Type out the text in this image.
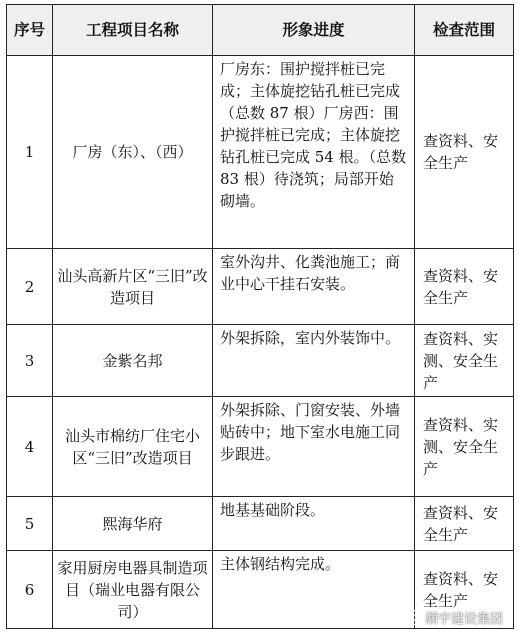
序号	工程项目名称	形象进度	检查范围
1	厂房（东）、（西）	厂房东：围护搅拌桩已完成；主体旋挖钻孔桩已完成（总数 87 根）厂房西：围护搅拌桩已完成；主体旋挖钻孔桩已完成 54 根。（总数 83 根）待浇筑；局部开始砌墙。	查资料、安全生产

2	汕头高新片区“三旧”改造项目	室外沟井、化粪池施工；商业中心干挂石安装。	查资料、安全生产

3	金紫名邦	外架拆除，室内外装饰中。	查资料、实测、安全生产

4	汕头市棉纺厂住宅小区“三旧”改造项目	外架拆除、门窗安装、外墙贴砖中；地下室水电施工同步跟进。	查资料、实测、安全生产

5	熙海华府	地基基础阶段。	查资料、安全生产

6	家用厨房电器具制造项目（瑞业电器有限公司）	主体钢结构完成。	查资料、安全生产
潮宇建设集团
